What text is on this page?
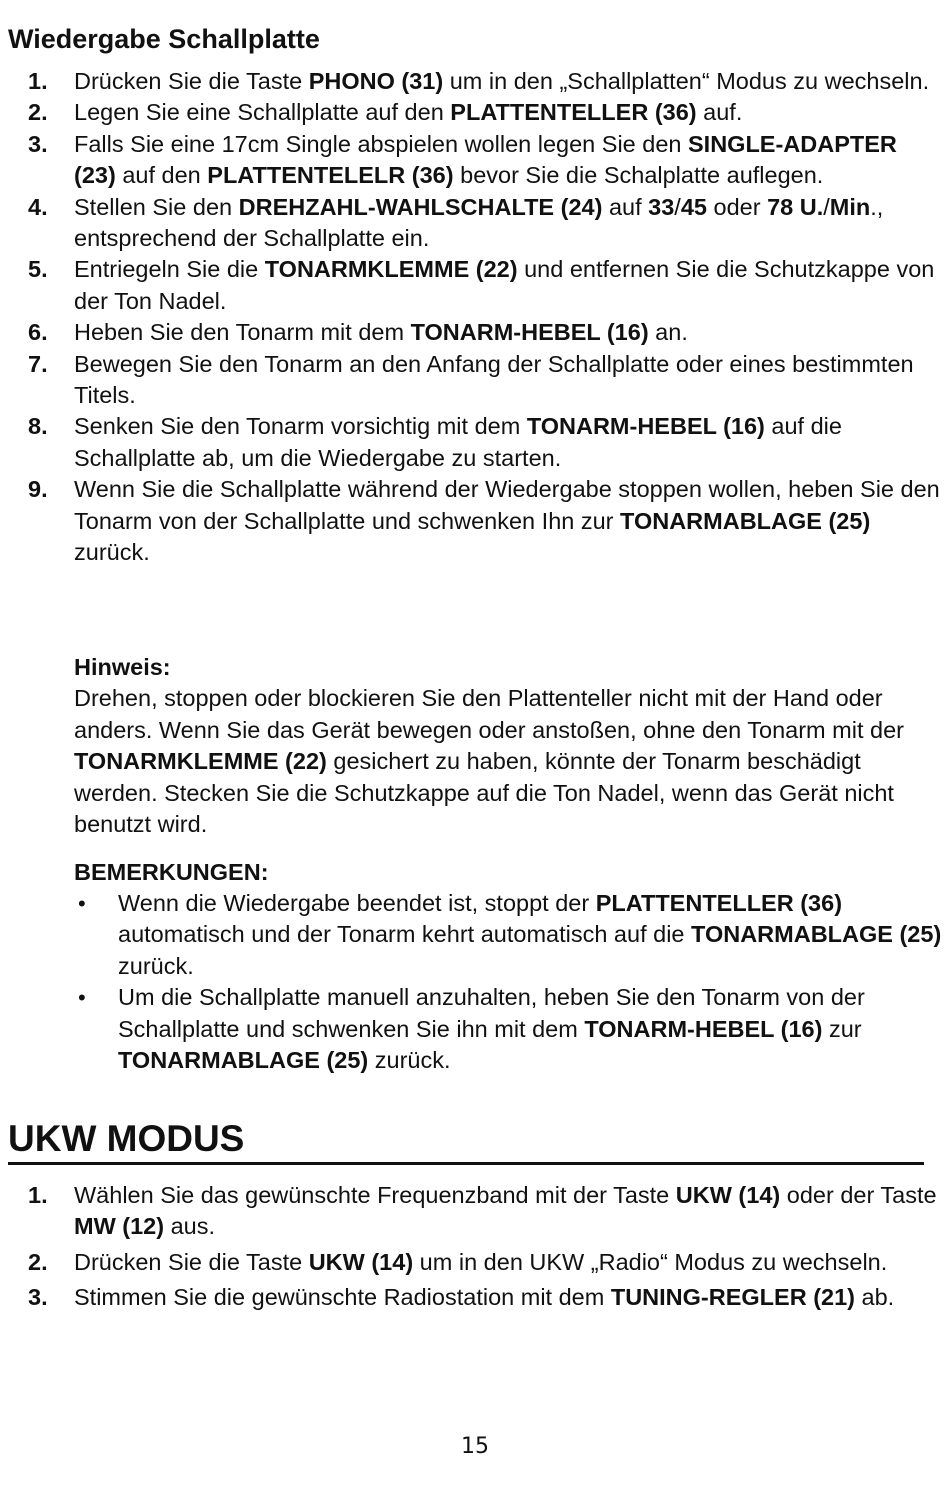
Wiedergabe Schallplatte
1. Drücken Sie die Taste PHONO (31) um in den „Schallplatten“ Modus zu wechseln.
2. Legen Sie eine Schallplatte auf den PLATTENTELLER (36) auf.
3. Falls Sie eine 17cm Single abspielen wollen legen Sie den SINGLE-ADAPTER (23) auf den PLATTENTELELR (36) bevor Sie die Schalplatte auflegen.
4. Stellen Sie den DREHZAHL-WAHLSCHALTE (24) auf 33/45 oder 78 U./Min., entsprechend der Schallplatte ein.
5. Entriegeln Sie die TONARMKLEMME (22) und entfernen Sie die Schutzkappe von der Ton Nadel.
6. Heben Sie den Tonarm mit dem TONARM-HEBEL (16) an.
7. Bewegen Sie den Tonarm an den Anfang der Schallplatte oder eines bestimmten Titels.
8. Senken Sie den Tonarm vorsichtig mit dem TONARM-HEBEL (16) auf die Schallplatte ab, um die Wiedergabe zu starten.
9. Wenn Sie die Schallplatte während der Wiedergabe stoppen wollen, heben Sie den Tonarm von der Schallplatte und schwenken Ihn zur TONARMABLAGE (25) zurück.
Hinweis:
Drehen, stoppen oder blockieren Sie den Plattenteller nicht mit der Hand oder anders. Wenn Sie das Gerät bewegen oder anstoßen, ohne den Tonarm mit der TONARMKLEMME (22) gesichert zu haben, könnte der Tonarm beschädigt werden. Stecken Sie die Schutzkappe auf die Ton Nadel, wenn das Gerät nicht benutzt wird.
BEMERKUNGEN:
• Wenn die Wiedergabe beendet ist, stoppt der PLATTENTELLER (36) automatisch und der Tonarm kehrt automatisch auf die TONARMABLAGE (25) zurück.
• Um die Schallplatte manuell anzuhalten, heben Sie den Tonarm von der Schallplatte und schwenken Sie ihn mit dem TONARM-HEBEL (16) zur TONARMABLAGE (25) zurück.
UKW MODUS
1. Wählen Sie das gewünschte Frequenzband mit der Taste UKW (14) oder der Taste MW (12) aus.
2. Drücken Sie die Taste UKW (14) um in den UKW „Radio“ Modus zu wechseln.
3. Stimmen Sie die gewünschte Radiostation mit dem TUNING-REGLER (21) ab.
15
